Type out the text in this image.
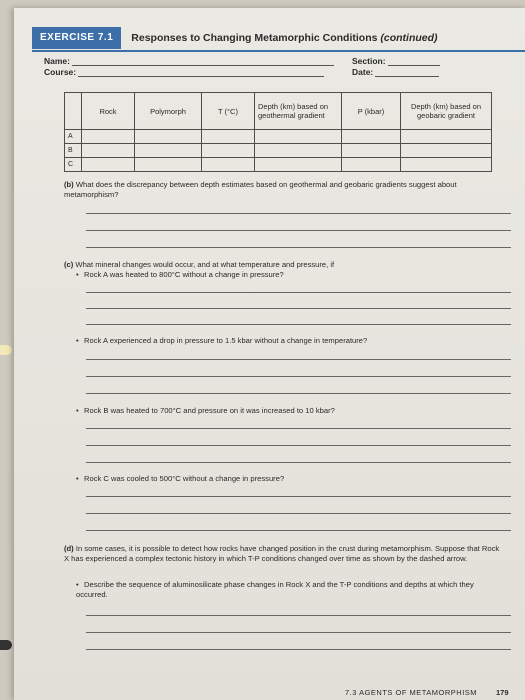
EXERCISE 7.1	Responses to Changing Metamorphic Conditions (continued)
Name:
Course:
Section:
Date:
	Rock	Polymorph	T (°C)	Depth (km) based on geothermal gradient	P (kbar)	Depth (km) based on geobaric gradient
A						
B						
C						
(b) What does the discrepancy between depth estimates based on geothermal and geobaric gradients suggest about metamorphism?
(c) What mineral changes would occur, and at what temperature and pressure, if
• Rock A was heated to 800°C without a change in pressure?
• Rock A experienced a drop in pressure to 1.5 kbar without a change in temperature?
• Rock B was heated to 700°C and pressure on it was increased to 10 kbar?
• Rock C was cooled to 500°C without a change in pressure?
(d) In some cases, it is possible to detect how rocks have changed position in the crust during metamorphism. Suppose that Rock X has experienced a complex tectonic history in which T-P conditions changed over time as shown by the dashed arrow.
• Describe the sequence of aluminosilicate phase changes in Rock X and the T-P conditions and depths at which they occurred.
7.3 AGENTS OF METAMORPHISM	179
